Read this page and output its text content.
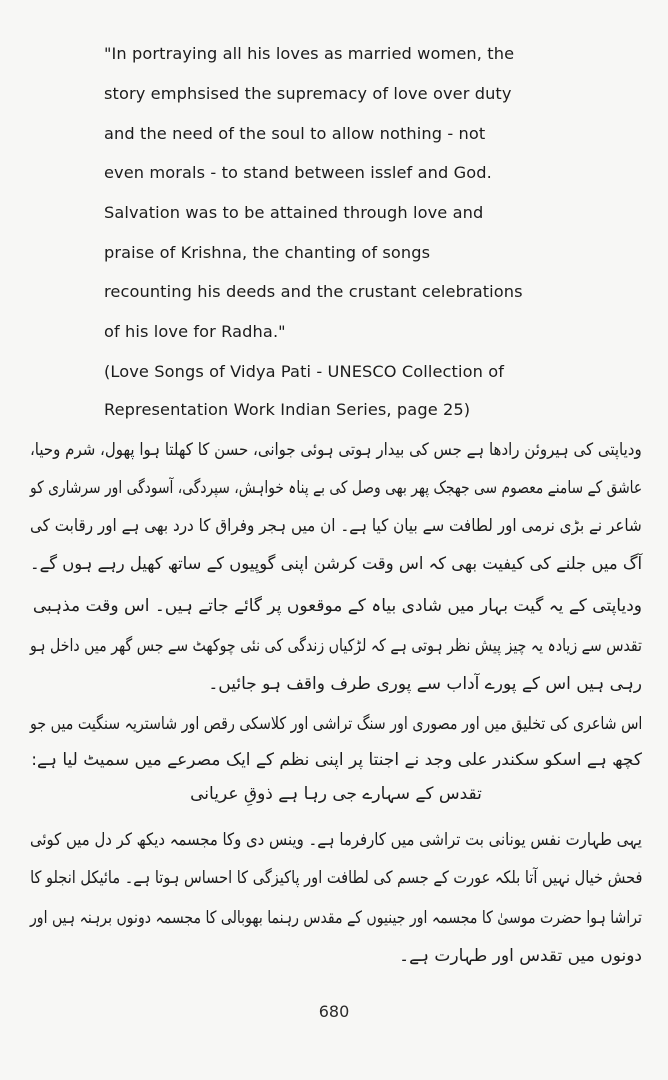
"In portraying all his loves as married women, the
story emphsised the supremacy of love over duty
and the need of the soul to allow nothing - not
even morals - to stand between isslef and God.
Salvation was to be attained through love and
praise of Krishna, the chanting of songs
recounting his deeds and the crustant celebrations
of his love for Radha."
(Love Songs of Vidya Pati - UNESCO Collection of
Representation Work Indian Series, page 25)
ودیاپتی کی ہیروئن رادھا ہے جس کی بیدار ہوتی ہوئی جوانی، حسن کا کھلتا ہوا پھول، شرم وحیا،
عاشق کے سامنے معصوم سی جھجک پھر بھی وصل کی بے پناہ خواہش، سپردگی، آسودگی اور سرشاری کو
شاعر نے بڑی نرمی اور لطافت سے بیان کیا ہے۔ ان میں ہجر وفراق کا درد بھی ہے اور رقابت کی
آگ میں جلنے کی کیفیت بھی کہ اس وقت کرشن اپنی گوپیوں کے ساتھ کھیل رہے ہوں گے۔
ودیاپتی کے یہ گیت بہار میں شادی بیاہ کے موقعوں پر گائے جاتے ہیں۔ اس وقت مذہبی
تقدس سے زیادہ یہ چیز پیش نظر ہوتی ہے کہ لڑکیاں زندگی کی نئی چوکھٹ سے جس گھر میں داخل ہو
رہی ہیں اس کے پورے آداب سے پوری طرف واقف ہو جائیں۔
اس شاعری کی تخلیق میں اور مصوری اور سنگ تراشی اور کلاسکی رقص اور شاستریہ سنگیت میں جو
کچھ ہے اسکو سکندر علی وجد نے اجنتا پر اپنی نظم کے ایک مصرعے میں سمیٹ لیا ہے:
تقدس کے سہارے جی رہا ہے ذوقِ عریانی
یہی طہارت نفس یونانی بت تراشی میں کارفرما ہے۔ وینس دی وکا مجسمہ دیکھ کر دل میں کوئی
فحش خیال نہیں آتا بلکہ عورت کے جسم کی لطافت اور پاکیزگی کا احساس ہوتا ہے۔ مائیکل انجلو کا
تراشا ہوا حضرت موسیٰ کا مجسمہ اور جینیوں کے مقدس رہنما بھوبالی کا مجسمہ دونوں برہنہ ہیں اور
دونوں میں تقدس اور طہارت ہے۔
680
